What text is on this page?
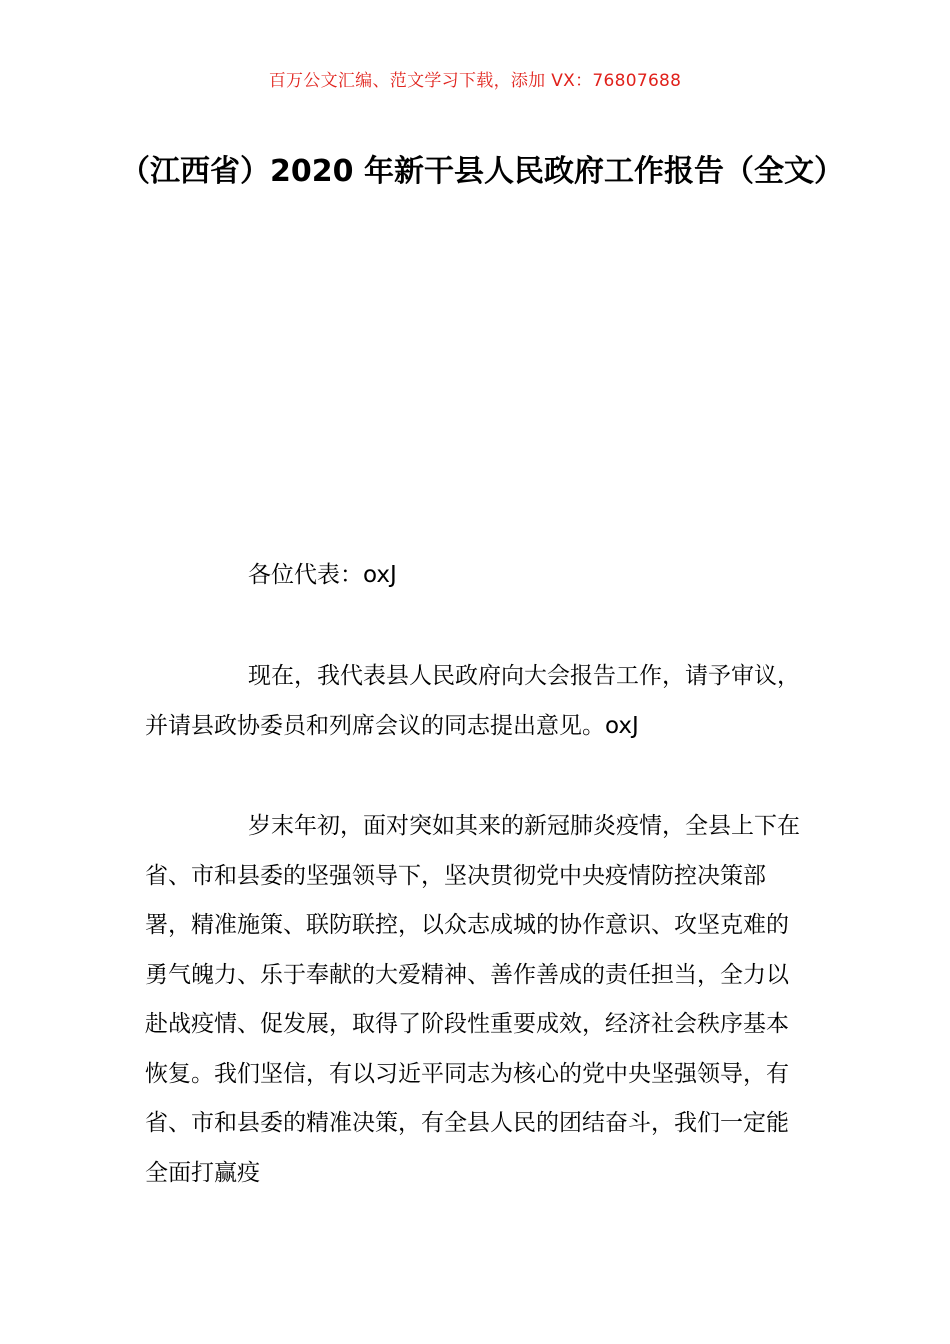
百万公文汇编、范文学习下载，添加 VX：76807688
（江西省）2020 年新干县人民政府工作报告（全文）

各位代表：oxJ

现在，我代表县人民政府向大会报告工作，请予审议，并请县政协委员和列席会议的同志提出意见。oxJ

岁末年初，面对突如其来的新冠肺炎疫情，全县上下在省、市和县委的坚强领导下，坚决贯彻党中央疫情防控决策部署，精准施策、联防联控，以众志成城的协作意识、攻坚克难的勇气魄力、乐于奉献的大爱精神、善作善成的责任担当，全力以赴战疫情、促发展，取得了阶段性重要成效，经济社会秩序基本恢复。我们坚信，有以习近平同志为核心的党中央坚强领导，有省、市和县委的精准决策，有全县人民的团结奋斗，我们一定能全面打赢疫
